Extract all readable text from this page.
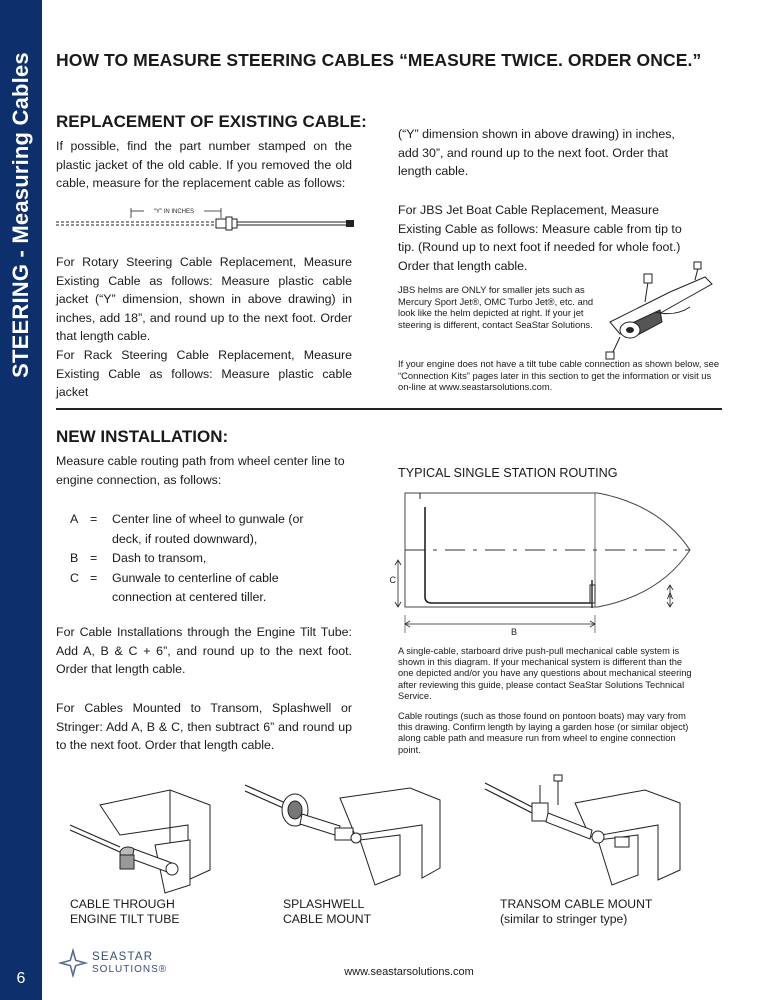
STEERING - Measuring Cables
6
HOW TO MEASURE STEERING CABLES “MEASURE TWICE. ORDER ONCE.”
REPLACEMENT OF EXISTING CABLE:

If possible, find the part number stamped on the plastic jacket of the old cable. If you removed the old cable, measure for the replacement cable as follows:

“Y” IN INCHES

For Rotary Steering Cable Replacement, Measure Existing Cable as follows: Measure plastic cable jacket (“Y” dimension, shown in above drawing) in inches, add 18”, and round up to the next foot. Order that length cable.

For Rack Steering Cable Replacement, Measure Existing Cable as follows: Measure plastic cable jacket

(“Y” dimension shown in above drawing) in inches, add 30”, and round up to the next foot. Order that length cable.

For JBS Jet Boat Cable Replacement, Measure Existing Cable as follows: Measure cable from tip to tip. (Round up to next foot if needed for whole foot.) Order that length cable.

JBS helms are ONLY for smaller jets such as Mercury Sport Jet®, OMC Turbo Jet®, etc. and look like the helm depicted at right. If your jet steering is different, contact SeaStar Solutions.

If your engine does not have a tilt tube cable connection as shown below, see “Connection Kits” pages later in this section to get the information or visit us on-line at www.seastarsolutions.com.

NEW INSTALLATION:

Measure cable routing path from wheel center line to engine connection, as follows:

A =	Center line of wheel to gunwale (or deck, if routed downward),
B =	Dash to transom,
C =	Gunwale to centerline of cable connection at centered tiller.

For Cable Installations through the Engine Tilt Tube: Add A, B & C + 6”, and round up to the next foot. Order that length cable.

For Cables Mounted to Transom, Splashwell or Stringer: Add A, B & C, then subtract 6” and round up to the next foot. Order that length cable.

TYPICAL SINGLE STATION ROUTING
C
A
B

A single-cable, starboard drive push-pull mechanical cable system is shown in this diagram. If your mechanical system is different than the one depicted and/or you have any questions about mechanical steering after reviewing this guide, please contact SeaStar Solutions Technical Service.

Cable routings (such as those found on pontoon boats) may vary from this drawing. Confirm length by laying a garden hose (or similar object) along cable path and measure run from wheel to engine connection point.

CABLE THROUGH
ENGINE TILT TUBE
SPLASHWELL
CABLE MOUNT
TRANSOM CABLE MOUNT
(similar to stringer type)
SEASTAR
SOLUTIONS®	www.seastarsolutions.com
